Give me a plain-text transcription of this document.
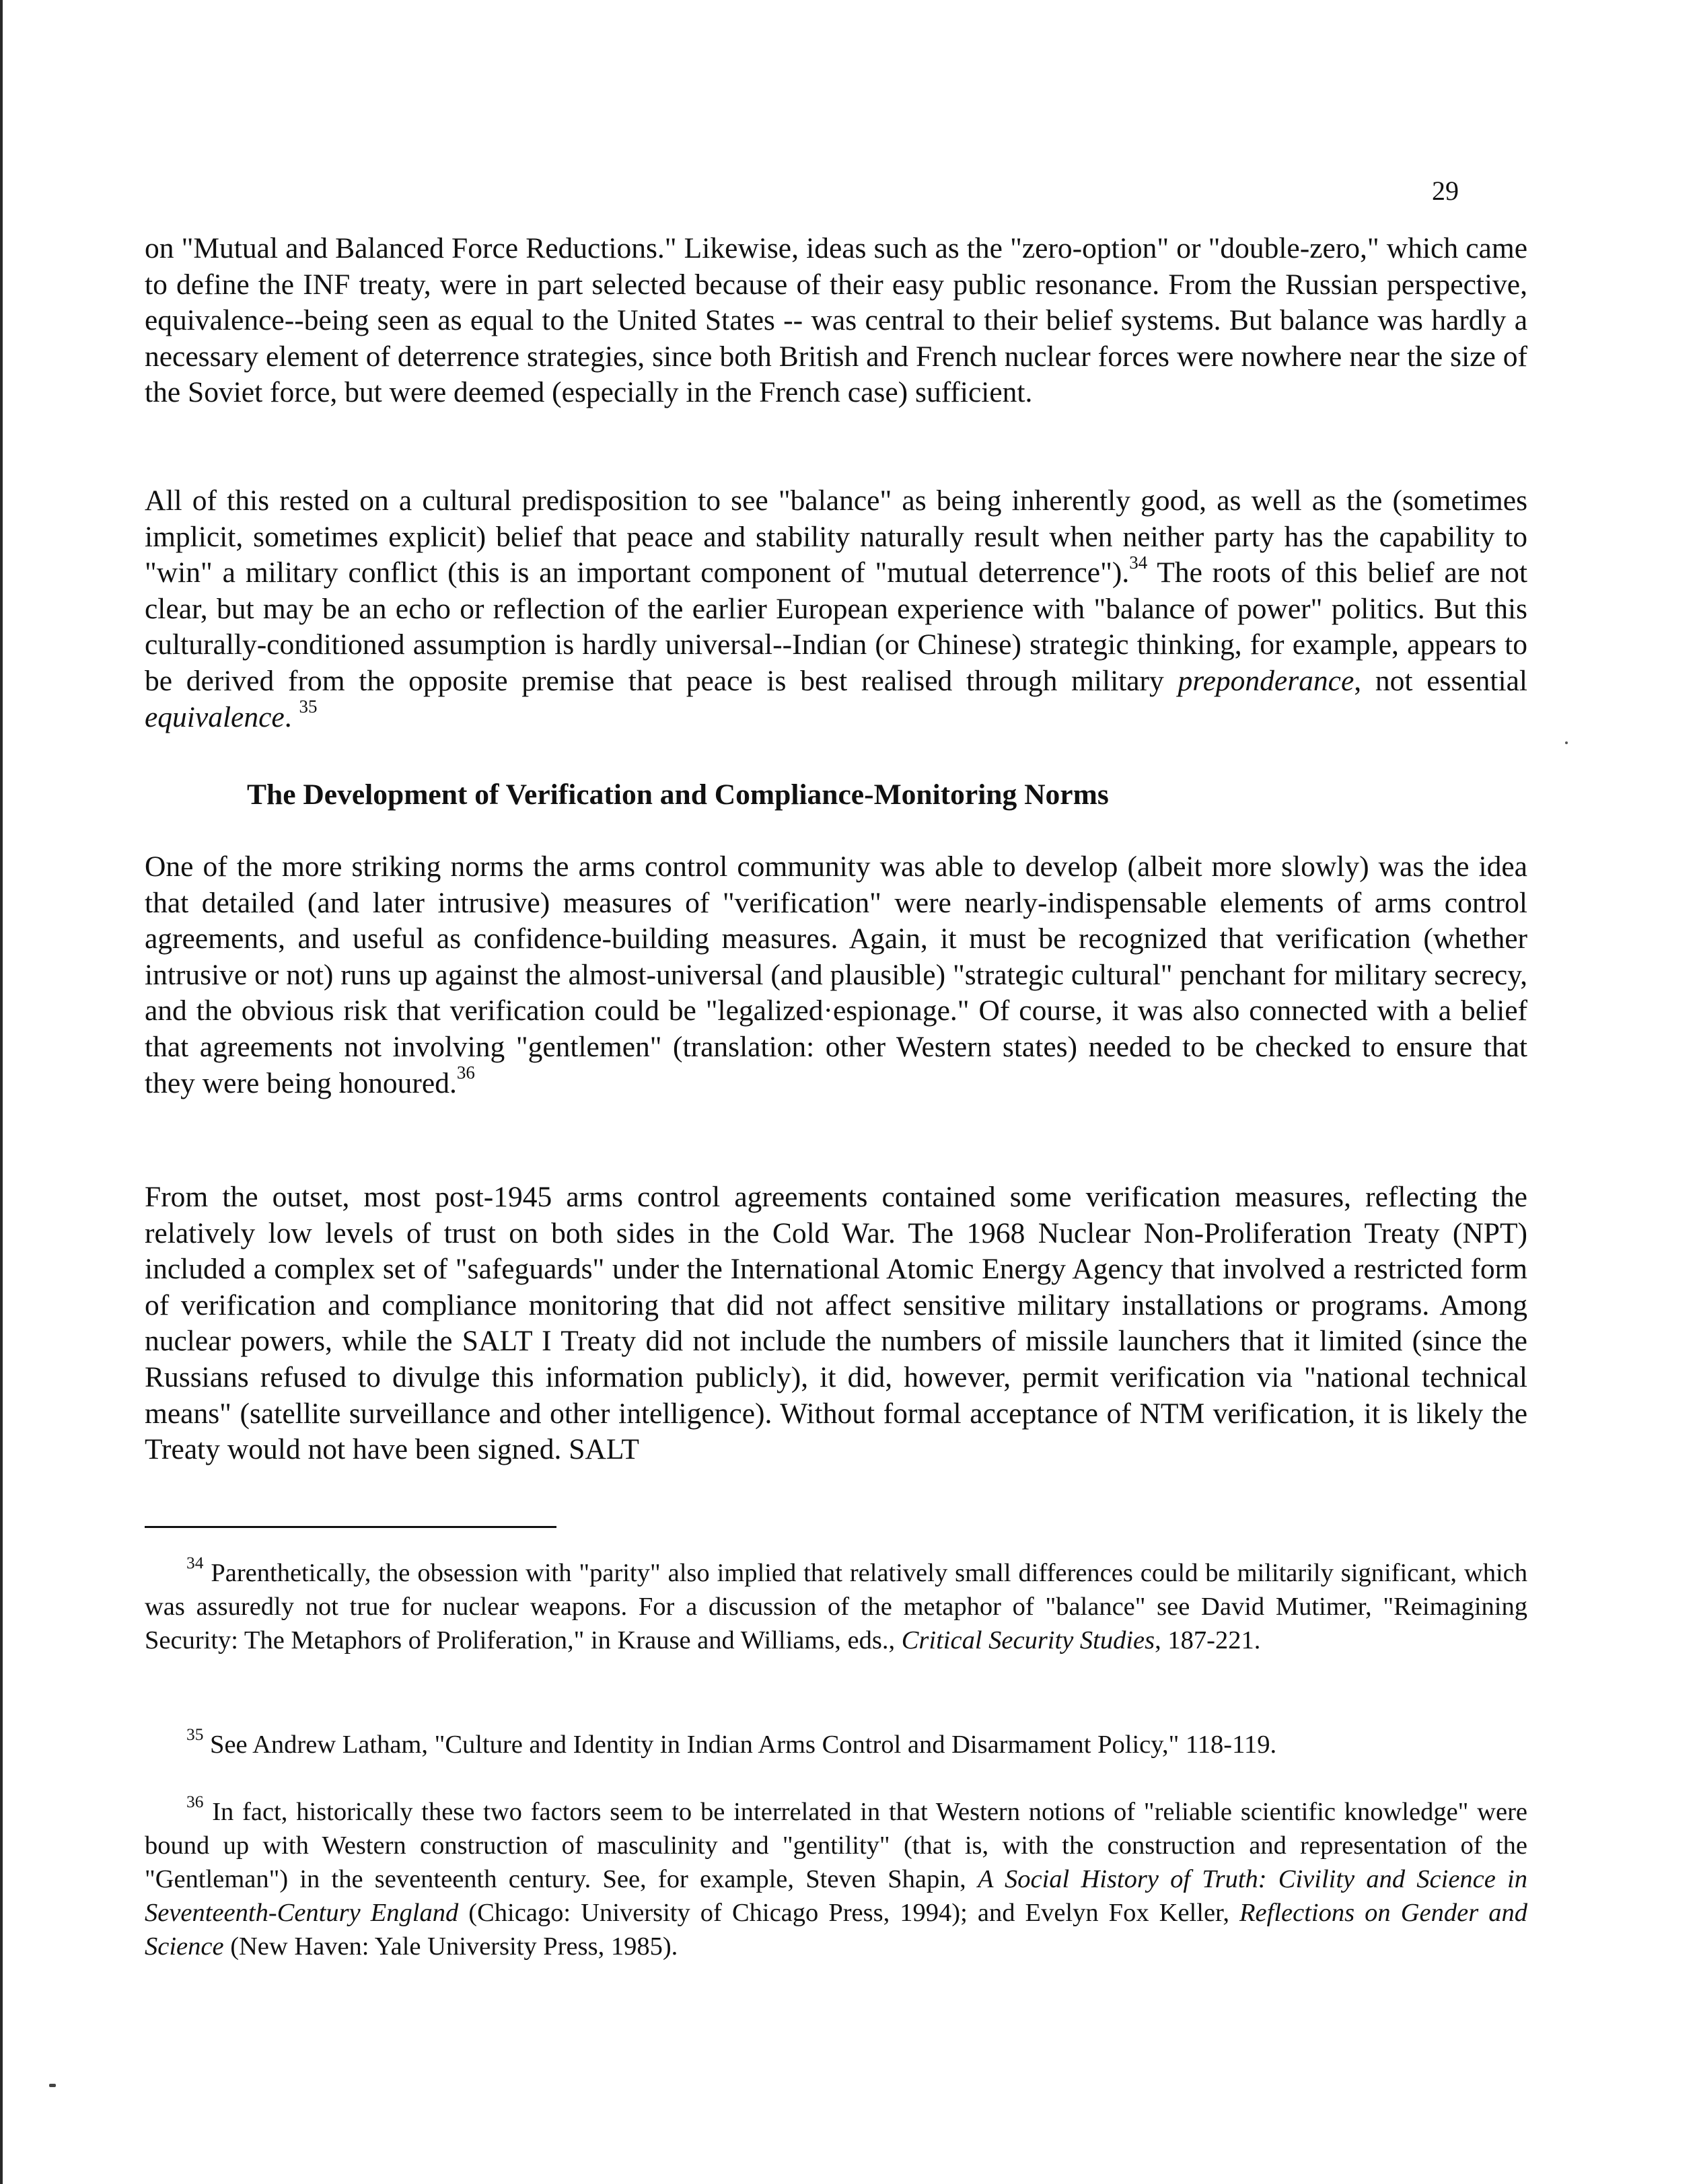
29

on "Mutual and Balanced Force Reductions." Likewise, ideas such as the "zero-option" or "double-zero," which came to define the INF treaty, were in part selected because of their easy public resonance. From the Russian perspective, equivalence--being seen as equal to the United States -- was central to their belief systems. But balance was hardly a necessary element of deterrence strategies, since both British and French nuclear forces were nowhere near the size of the Soviet force, but were deemed (especially in the French case) sufficient.

All of this rested on a cultural predisposition to see "balance" as being inherently good, as well as the (sometimes implicit, sometimes explicit) belief that peace and stability naturally result when neither party has the capability to "win" a military conflict (this is an important component of "mutual deterrence").$^{34}$ The roots of this belief are not clear, but may be an echo or reflection of the earlier European experience with "balance of power" politics. But this culturally-conditioned assumption is hardly universal--Indian (or Chinese) strategic thinking, for example, appears to be derived from the opposite premise that peace is best realised through military preponderance, not essential equivalence. $^{35}$

The Development of Verification and Compliance-Monitoring Norms

One of the more striking norms the arms control community was able to develop (albeit more slowly) was the idea that detailed (and later intrusive) measures of "verification" were nearly-indispensable elements of arms control agreements, and useful as confidence-building measures. Again, it must be recognized that verification (whether intrusive or not) runs up against the almost-universal (and plausible) "strategic cultural" penchant for military secrecy, and the obvious risk that verification could be "legalized·espionage." Of course, it was also connected with a belief that agreements not involving "gentlemen" (translation: other Western states) needed to be checked to ensure that they were being honoured.$^{36}$

From the outset, most post-1945 arms control agreements contained some verification measures, reflecting the relatively low levels of trust on both sides in the Cold War. The 1968 Nuclear Non-Proliferation Treaty (NPT) included a complex set of "safeguards" under the International Atomic Energy Agency that involved a restricted form of verification and compliance monitoring that did not affect sensitive military installations or programs. Among nuclear powers, while the SALT I Treaty did not include the numbers of missile launchers that it limited (since the Russians refused to divulge this information publicly), it did, however, permit verification via "national technical means" (satellite surveillance and other intelligence). Without formal acceptance of NTM verification, it is likely the Treaty would not have been signed. SALT

$^{34}$ Parenthetically, the obsession with "parity" also implied that relatively small differences could be militarily significant, which was assuredly not true for nuclear weapons. For a discussion of the metaphor of "balance" see David Mutimer, "Reimagining Security: The Metaphors of Proliferation," in Krause and Williams, eds., Critical Security Studies, 187-221.

$^{35}$ See Andrew Latham, "Culture and Identity in Indian Arms Control and Disarmament Policy," 118-119.

$^{36}$ In fact, historically these two factors seem to be interrelated in that Western notions of "reliable scientific knowledge" were bound up with Western construction of masculinity and "gentility" (that is, with the construction and representation of the "Gentleman") in the seventeenth century. See, for example, Steven Shapin, A Social History of Truth: Civility and Science in Seventeenth-Century England (Chicago: University of Chicago Press, 1994); and Evelyn Fox Keller, Reflections on Gender and Science (New Haven: Yale University Press, 1985).
